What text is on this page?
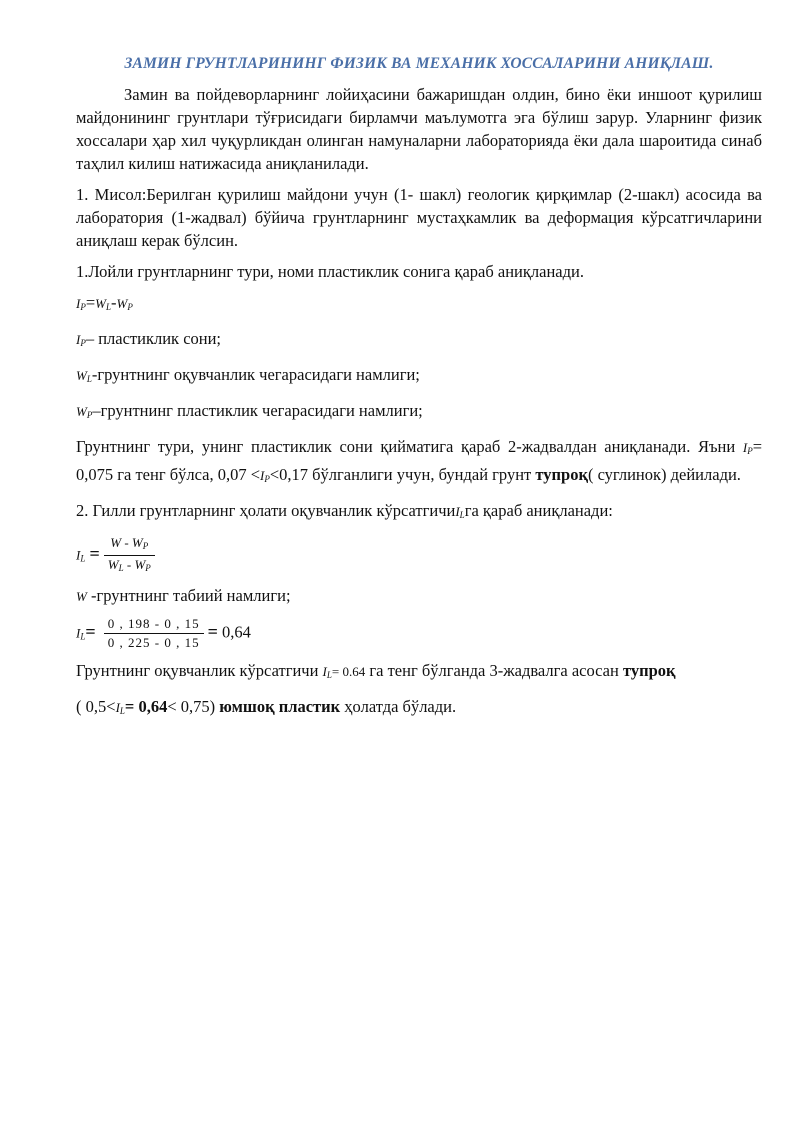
ЗАМИН ГРУНТЛАРИНИНГ ФИЗИК ВА МЕХАНИК ХОССАЛАРИНИ АНИҚЛАШ.

Замин ва пойдеворларнинг лойиҳасини бажаришдан олдин, бино ёки иншоот қурилиш майдонининг грунтлари тўғрисидаги бирламчи маълумотга эга бўлиш зарур. Уларнинг физик хоссалари ҳар хил чуқурликдан олинган намуналарни лабораторияда ёки дала шароитида синаб таҳлил килиш натижасида аниқланилади.

1. Мисол:Берилган қурилиш майдони учун (1- шакл) геологик қирқимлар (2-шакл) асосида ва лаборатория (1-жадвал) бўйича грунтларнинг мустаҳкамлик ва деформация кўрсатгичларини аниқлаш керак бўлсин.

1.Лойли грунтларнинг тури, номи пластиклик сонига қараб аниқланади.

IP=WL-WP
IP– пластиклик сони;
WL-грунтнинг оқувчанлик чегарасидаги намлиги;
WP–грунтнинг пластиклик чегарасидаги намлиги;

Грунтнинг тури, унинг пластиклик сони қийматига қараб 2-жадвалдан аниқланади. Яъни IP= 0,075 га тенг бўлса, 0,07 <IP<0,17 бўлганлиги учун, бундай грунт тупроқ( суглинок) дейилади.

2. Гилли грунтларнинг ҳолати оқувчанлик кўрсатгичиILга қараб аниқланади:

IL = $\frac{W - WP}{WL - WP}$
W -грунтнинг табиий намлиги;
$IL= \frac{0 , 198 - 0 , 15}{0 , 225 - 0 , 15} = 0,64$

Грунтнинг оқувчанлик кўрсатгичи IL= 0.64 га тенг бўлганда 3-жадвалга асосан тупроқ

( 0,5<IL= 0,64< 0,75) юмшоқ пластик ҳолатда бўлади.
